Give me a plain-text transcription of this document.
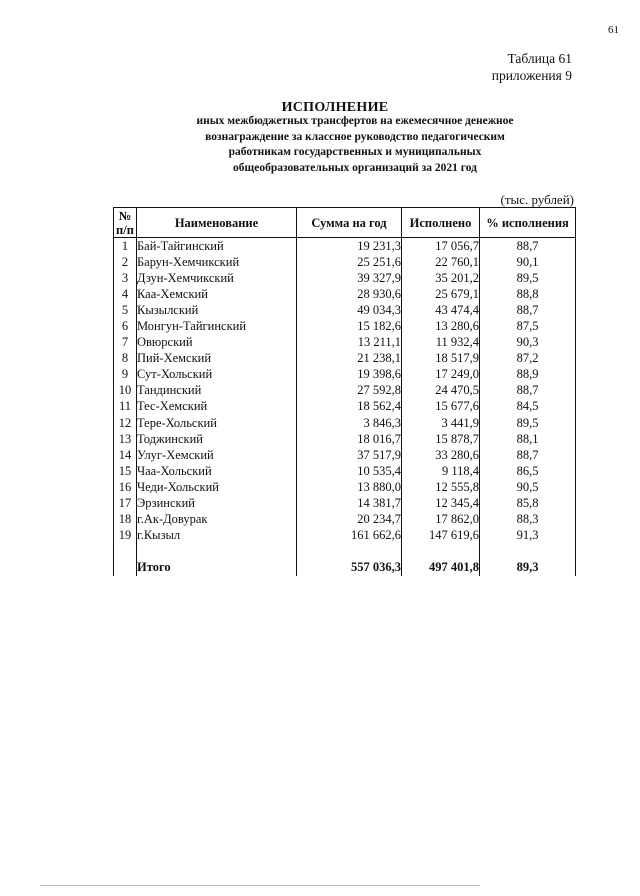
61
Таблица 61
приложения 9
ИСПОЛНЕНИЕ
иных межбюджетных трансфертов на ежемесячное денежное
вознаграждение за классное руководство педагогическим
работникам государственных и муниципальных
общеобразовательных организаций за 2021 год
(тыс. рублей)
№
п/п	Наименование	Сумма на год	Исполнено	% исполнения
1	Бай-Тайгинский	19 231,3	17 056,7	88,7
2	Барун-Хемчикский	25 251,6	22 760,1	90,1
3	Дзун-Хемчикский	39 327,9	35 201,2	89,5
4	Каа-Хемский	28 930,6	25 679,1	88,8
5	Кызылский	49 034,3	43 474,4	88,7
6	Монгун-Тайгинский	15 182,6	13 280,6	87,5
7	Овюрский	13 211,1	11 932,4	90,3
8	Пий-Хемский	21 238,1	18 517,9	87,2
9	Сут-Хольский	19 398,6	17 249,0	88,9
10	Тандинский	27 592,8	24 470,5	88,7
11	Тес-Хемский	18 562,4	15 677,6	84,5
12	Тере-Хольский	3 846,3	3 441,9	89,5
13	Тоджинский	18 016,7	15 878,7	88,1
14	Улуг-Хемский	37 517,9	33 280,6	88,7
15	Чаа-Хольский	10 535,4	9 118,4	86,5
16	Чеди-Хольский	13 880,0	12 555,8	90,5
17	Эрзинский	14 381,7	12 345,4	85,8
18	г.Ак-Довурак	20 234,7	17 862,0	88,3
19	г.Кызыл	161 662,6	147 619,6	91,3

	Итого	557 036,3	497 401,8	89,3
